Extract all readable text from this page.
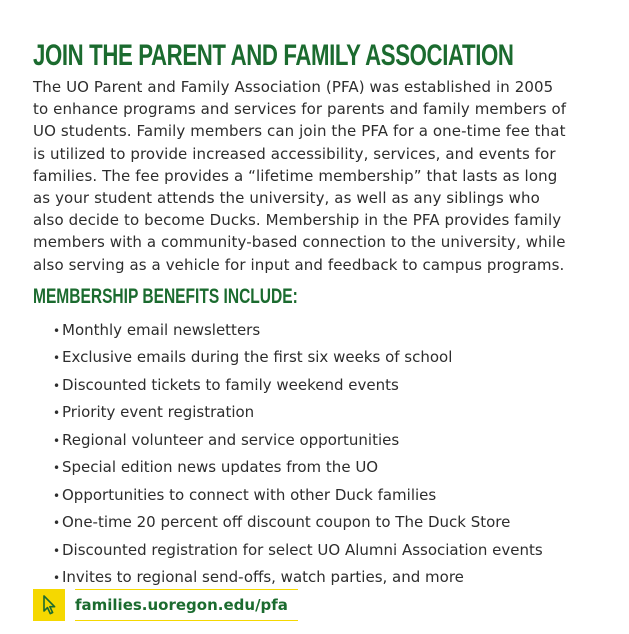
JOIN THE PARENT AND FAMILY ASSOCIATION

The UO Parent and Family Association (PFA) was established in 2005
to enhance programs and services for parents and family members of
UO students. Family members can join the PFA for a one-time fee that
is utilized to provide increased accessibility, services, and events for
families. The fee provides a “lifetime membership” that lasts as long
as your student attends the university, as well as any siblings who
also decide to become Ducks. Membership in the PFA provides family
members with a community-based connection to the university, while
also serving as a vehicle for input and feedback to campus programs.

MEMBERSHIP BENEFITS INCLUDE:
• Monthly email newsletters
• Exclusive emails during the first six weeks of school
• Discounted tickets to family weekend events
• Priority event registration
• Regional volunteer and service opportunities
• Special edition news updates from the UO
• Opportunities to connect with other Duck families
• One-time 20 percent off discount coupon to The Duck Store
• Discounted registration for select UO Alumni Association events
• Invites to regional send-offs, watch parties, and more
families.uoregon.edu/pfa
